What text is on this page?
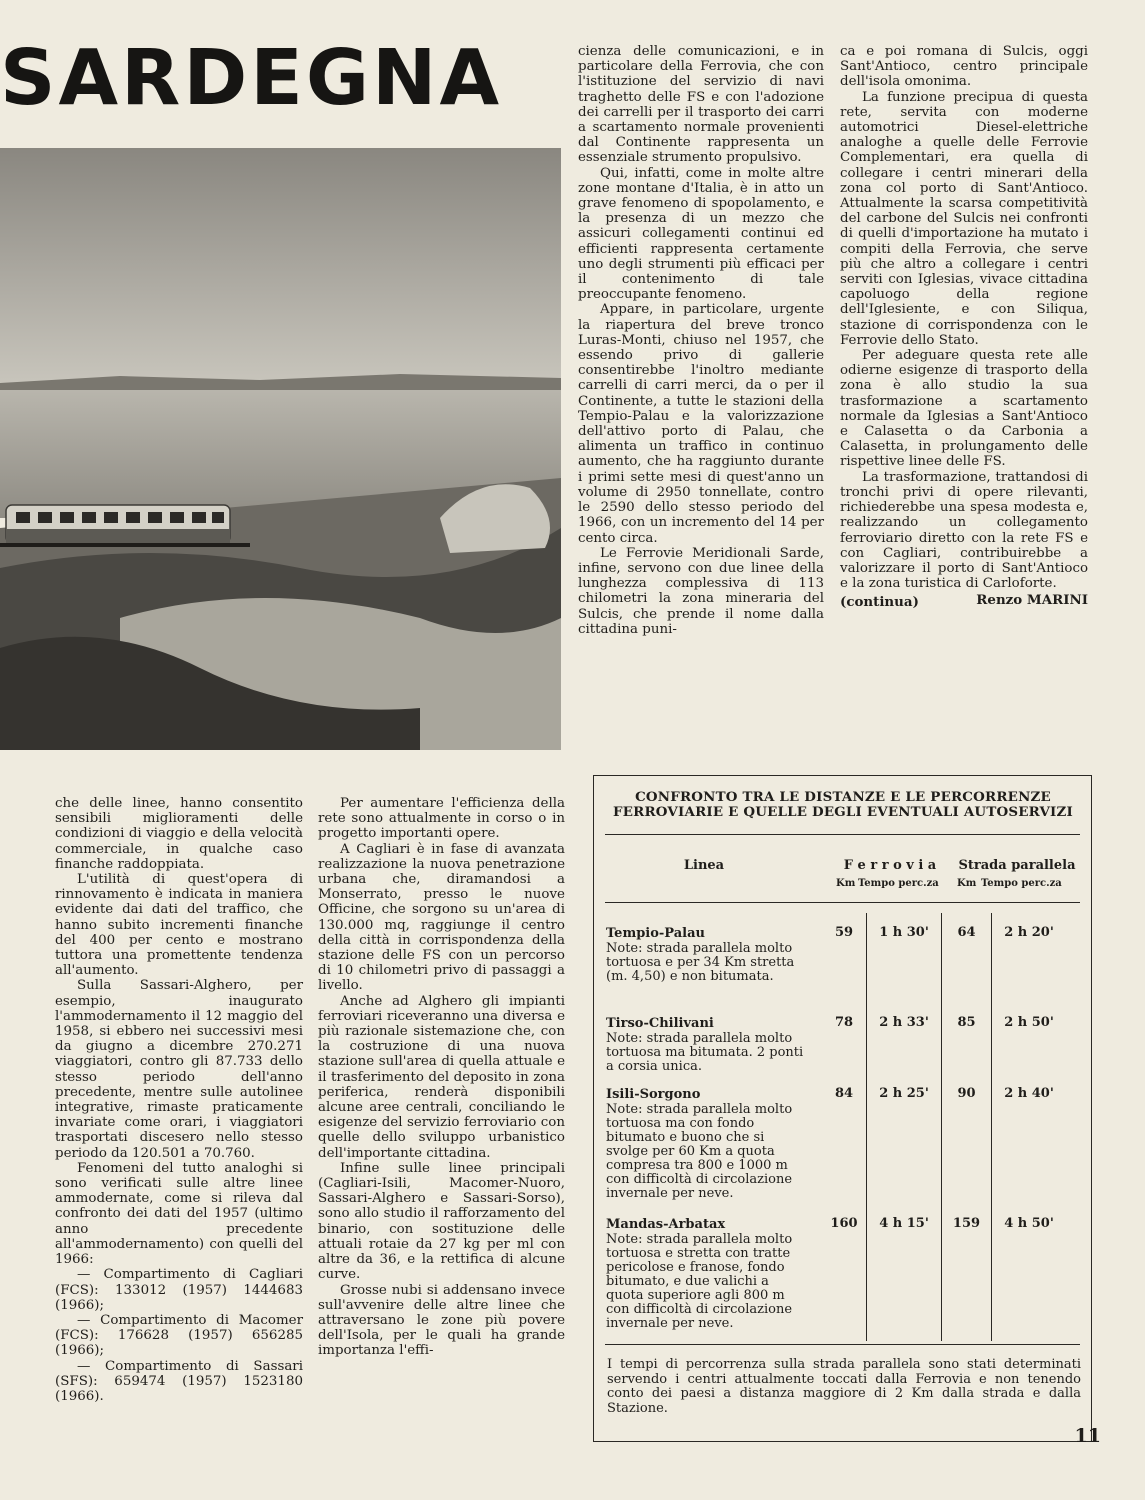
SARDEGNA	cienza delle comunicazioni, e in particolare della Ferrovia, che con l'istituzione del servizio di navi traghetto delle FS e con l'adozione dei carrelli per il trasporto dei carri a scartamento normale provenienti dal Continente rappresenta un essenziale strumento propulsivo.

Qui, infatti, come in molte altre zone montane d'Italia, è in atto un grave fenomeno di spopolamento, e la presenza di un mezzo che assicuri collegamenti continui ed efficienti rappresenta certamente uno degli strumenti più efficaci per il contenimento di tale preoccupante fenomeno.

Appare, in particolare, urgente la riapertura del breve tronco Luras-Monti, chiuso nel 1957, che essendo privo di gallerie consentirebbe l'inoltro mediante carrelli di carri merci, da o per il Continente, a tutte le stazioni della Tempio-Palau e la valorizzazione dell'attivo porto di Palau, che alimenta un traffico in continuo aumento, che ha raggiunto durante i primi sette mesi di quest'anno un volume di 2950 tonnellate, contro le 2590 dello stesso periodo del 1966, con un incremento del 14 per cento circa.

Le Ferrovie Meridionali Sarde, infine, servono con due linee della lunghezza complessiva di 113 chilometri la zona mineraria del Sulcis, che prende il nome dalla cittadina puni-

ca e poi romana di Sulcis, oggi Sant'Antioco, centro principale dell'isola omonima.

La funzione precipua di questa rete, servita con moderne automotrici Diesel-elettriche analoghe a quelle delle Ferrovie Complementari, era quella di collegare i centri minerari della zona col porto di Sant'Antioco. Attualmente la scarsa competitività del carbone del Sulcis nei confronti di quelli d'importazione ha mutato i compiti della Ferrovia, che serve più che altro a collegare i centri serviti con Iglesias, vivace cittadina capoluogo della regione dell'Iglesiente, e con Siliqua, stazione di corrispondenza con le Ferrovie dello Stato.

Per adeguare questa rete alle odierne esigenze di trasporto della zona è allo studio la sua trasformazione a scartamento normale da Iglesias a Sant'Antioco e Calasetta o da Carbonia a Calasetta, in prolungamento delle rispettive linee delle FS.

La trasformazione, trattandosi di tronchi privi di opere rilevanti, richiederebbe una spesa modesta e, realizzando un collegamento ferroviario diretto con la rete FS e con Cagliari, contribuirebbe a valorizzare il porto di Sant'Antioco e la zona turistica di Carloforte.

Renzo MARINI
(continua)

che delle linee, hanno consentito sensibili miglioramenti delle condizioni di viaggio e della velocità commerciale, in qualche caso finanche raddoppiata.

L'utilità di quest'opera di rinnovamento è indicata in maniera evidente dai dati del traffico, che hanno subito incrementi finanche del 400 per cento e mostrano tuttora una promettente tendenza all'aumento.

Sulla Sassari-Alghero, per esempio, inaugurato l'ammodernamento il 12 maggio del 1958, si ebbero nei successivi mesi da giugno a dicembre 270.271 viaggiatori, contro gli 87.733 dello stesso periodo dell'anno precedente, mentre sulle autolinee integrative, rimaste praticamente invariate come orari, i viaggiatori trasportati discesero nello stesso periodo da 120.501 a 70.760.

Fenomeni del tutto analoghi si sono verificati sulle altre linee ammodernate, come si rileva dal confronto dei dati del 1957 (ultimo anno precedente all'ammodernamento) con quelli del 1966:

— Compartimento di Cagliari (FCS): 133012 (1957) 1444683 (1966);

— Compartimento di Macomer (FCS): 176628 (1957) 656285 (1966);

— Compartimento di Sassari (SFS): 659474 (1957) 1523180 (1966).

Per aumentare l'efficienza della rete sono attualmente in corso o in progetto importanti opere.

A Cagliari è in fase di avanzata realizzazione la nuova penetrazione urbana che, diramandosi a Monserrato, presso le nuove Officine, che sorgono su un'area di 130.000 mq, raggiunge il centro della città in corrispondenza della stazione delle FS con un percorso di 10 chilometri privo di passaggi a livello.

Anche ad Alghero gli impianti ferroviari riceveranno una diversa e più razionale sistemazione che, con la costruzione di una nuova stazione sull'area di quella attuale e il trasferimento del deposito in zona periferica, renderà disponibili alcune aree centrali, conciliando le esigenze del servizio ferroviario con quelle dello sviluppo urbanistico dell'importante cittadina.

Infine sulle linee principali (Cagliari-Isili, Macomer-Nuoro, Sassari-Alghero e Sassari-Sorso), sono allo studio il rafforzamento del binario, con sostituzione delle attuali rotaie da 27 kg per ml con altre da 36, e la rettifica di alcune curve.

Grosse nubi si addensano invece sull'avvenire delle altre linee che attraversano le zone più povere dell'Isola, per le quali ha grande importanza l'effi-

CONFRONTO TRA LE DISTANZE E LE PERCORRENZE FERROVIARIE E QUELLE DEGLI EVENTUALI AUTOSERVIZI
Linea	F e r r o v i a	Strada parallela
Km Tempo perc.za Km Tempo perc.za
Tempio-Palau
Note: strada parallela molto tortuosa e per 34 Km stretta (m. 4,50) e non bitumata.
59	1 h 30'	64	2 h 20'
Tirso-Chilivani
Note: strada parallela molto tortuosa ma bitumata. 2 ponti a corsia unica.
78	2 h 33'	85	2 h 50'
Isili-Sorgono
Note: strada parallela molto tortuosa ma con fondo bitumato e buono che si svolge per 60 Km a quota compresa tra 800 e 1000 m con difficoltà di circolazione invernale per neve.
84	2 h 25'	90	2 h 40'
Mandas-Arbatax
Note: strada parallela molto tortuosa e stretta con tratte pericolose e franose, fondo bitumato, e due valichi a quota superiore agli 800 m con difficoltà di circolazione invernale per neve.
160	4 h 15'	159	4 h 50'
I tempi di percorrenza sulla strada parallela sono stati determinati servendo i centri attualmente toccati dalla Ferrovia e non tenendo conto dei paesi a distanza maggiore di 2 Km dalla strada e dalla Stazione.
11
